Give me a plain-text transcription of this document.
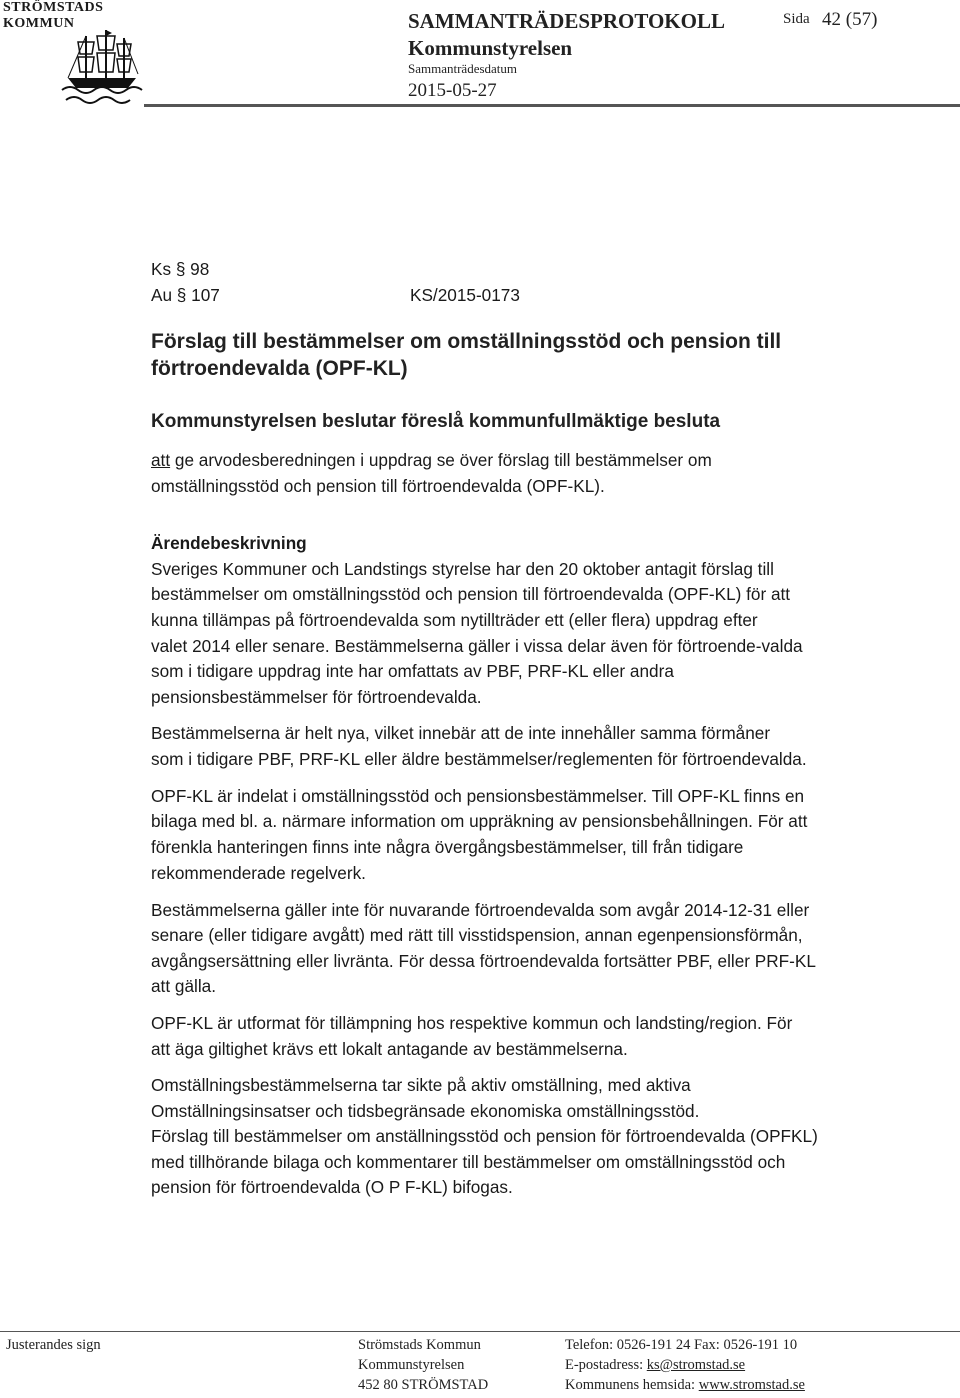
STRÖMSTADS
KOMMUN	SAMMANTRÄDESPROTOKOLL
Kommunstyrelsen
Sammanträdesdatum
2015-05-27
Sida 42 (57)
Ks § 98
Au § 107	KS/2015-0173
Förslag till bestämmelser om omställningsstöd och pension till
förtroendevalda (OPF-KL)
Kommunstyrelsen beslutar föreslå kommunfullmäktige besluta
att ge arvodesberedningen i uppdrag se över förslag till bestämmelser om
omställningsstöd och pension till förtroendevalda (OPF-KL).
Ärendebeskrivning
Sveriges Kommuner och Landstings styrelse har den 20 oktober antagit förslag till
bestämmelser om omställningsstöd och pension till förtroendevalda (OPF-KL) för att
kunna tillämpas på förtroendevalda som nytillträder ett (eller flera) uppdrag efter
valet 2014 eller senare. Bestämmelserna gäller i vissa delar även för förtroende-valda
som i tidigare uppdrag inte har omfattats av PBF, PRF-KL eller andra
pensionsbestämmelser för förtroendevalda.
Bestämmelserna är helt nya, vilket innebär att de inte innehåller samma förmåner
som i tidigare PBF, PRF-KL eller äldre bestämmelser/reglementen för förtroendevalda.
OPF-KL är indelat i omställningsstöd och pensionsbestämmelser. Till OPF-KL finns en
bilaga med bl. a. närmare information om uppräkning av pensionsbehållningen. För att
förenkla hanteringen finns inte några övergångsbestämmelser, till från tidigare
rekommenderade regelverk.
Bestämmelserna gäller inte för nuvarande förtroendevalda som avgår 2014-12-31 eller
senare (eller tidigare avgått) med rätt till visstidspension, annan egenpensionsförmån,
avgångsersättning eller livränta. För dessa förtroendevalda fortsätter PBF, eller PRF-KL
att gälla.
OPF-KL är utformat för tillämpning hos respektive kommun och landsting/region. För
att äga giltighet krävs ett lokalt antagande av bestämmelserna.
Omställningsbestämmelserna tar sikte på aktiv omställning, med aktiva
Omställningsinsatser och tidsbegränsade ekonomiska omställningsstöd.
Förslag till bestämmelser om anställningsstöd och pension för förtroendevalda (OPFKL)
med tillhörande bilaga och kommentarer till bestämmelser om omställningsstöd och
pension för förtroendevalda (O P F-KL) bifogas.
Justerandes sign	Strömstads Kommun
Kommunstyrelsen
452 80 STRÖMSTAD
Telefon: 0526-191 24 Fax: 0526-191 10
E-postadress: ks@stromstad.se
Kommunens hemsida: www.stromstad.se
